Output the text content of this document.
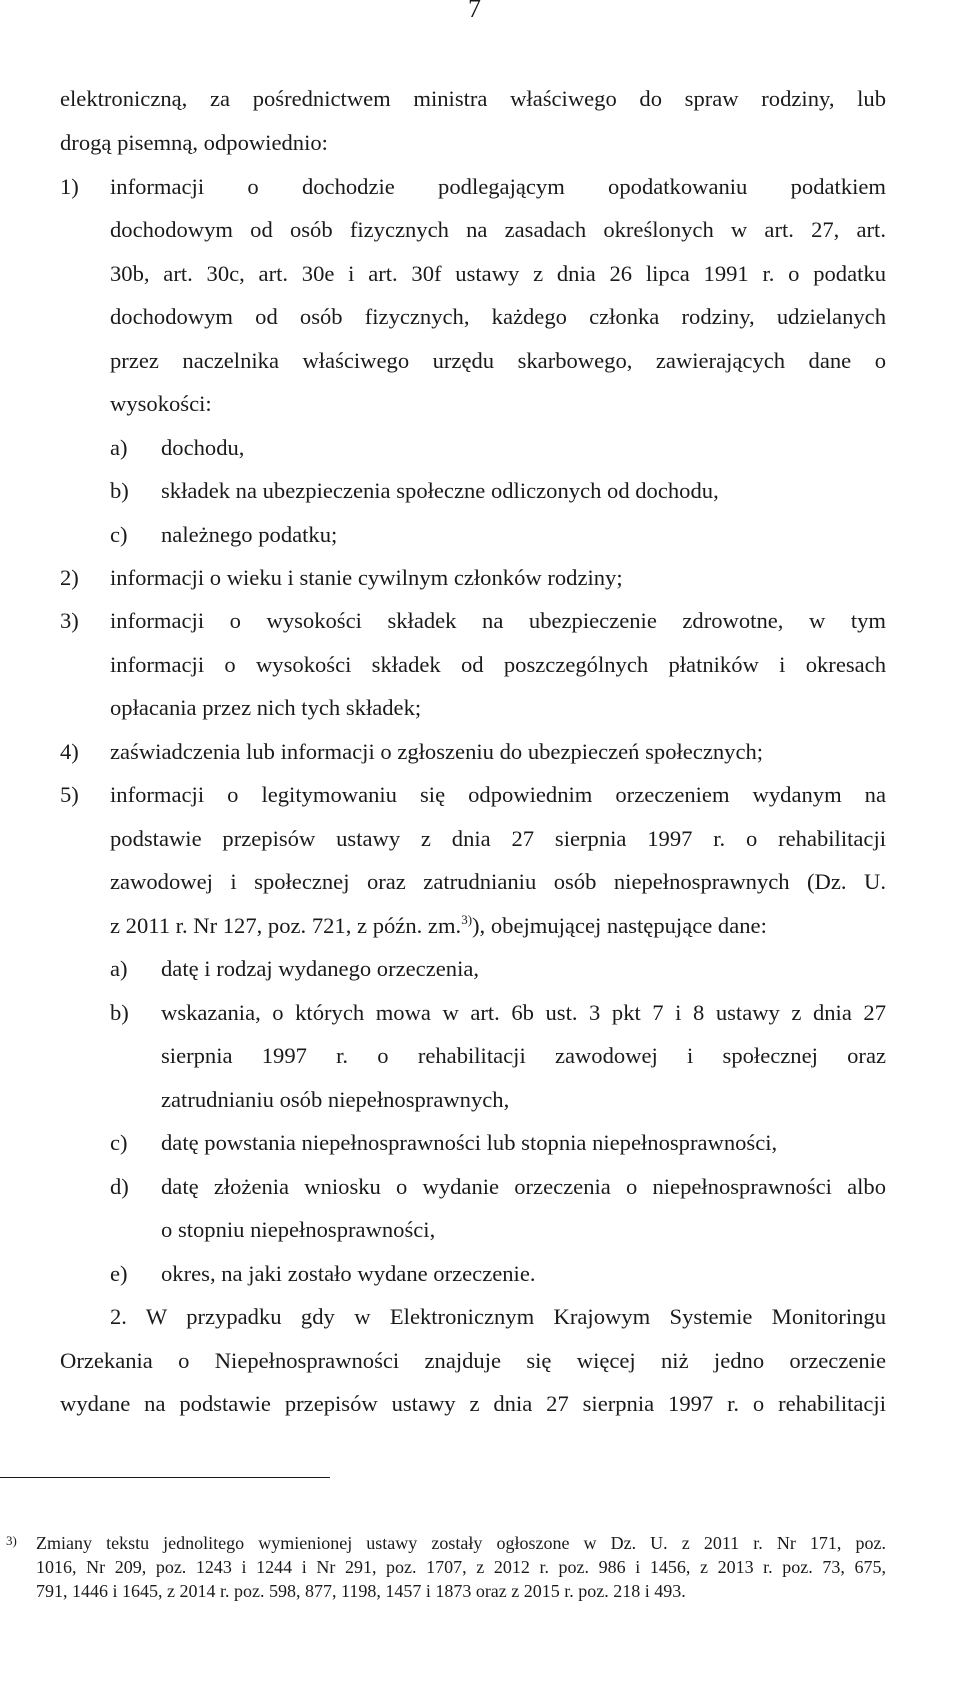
7
elektroniczną, za pośrednictwem ministra właściwego do spraw rodziny, lub
drogą pisemną, odpowiednio:
1) informacji o dochodzie podlegającym opodatkowaniu podatkiem
dochodowym od osób fizycznych na zasadach określonych w art. 27, art.
30b, art. 30c, art. 30e i art. 30f ustawy z dnia 26 lipca 1991 r. o podatku
dochodowym od osób fizycznych, każdego członka rodziny, udzielanych
przez naczelnika właściwego urzędu skarbowego, zawierających dane o
wysokości:
a) dochodu,
b) składek na ubezpieczenia społeczne odliczonych od dochodu,
c) należnego podatku;
2) informacji o wieku i stanie cywilnym członków rodziny;
3) informacji o wysokości składek na ubezpieczenie zdrowotne, w tym
informacji o wysokości składek od poszczególnych płatników i okresach
opłacania przez nich tych składek;
4) zaświadczenia lub informacji o zgłoszeniu do ubezpieczeń społecznych;
5) informacji o legitymowaniu się odpowiednim orzeczeniem wydanym na
podstawie przepisów ustawy z dnia 27 sierpnia 1997 r. o rehabilitacji
zawodowej i społecznej oraz zatrudnianiu osób niepełnosprawnych (Dz. U.
z 2011 r. Nr 127, poz. 721, z późn. zm.$^{3)}$), obejmującej następujące dane:
a) datę i rodzaj wydanego orzeczenia,
b) wskazania, o których mowa w art. 6b ust. 3 pkt 7 i 8 ustawy z dnia 27
sierpnia 1997 r. o rehabilitacji zawodowej i społecznej oraz
zatrudnianiu osób niepełnosprawnych,
c) datę powstania niepełnosprawności lub stopnia niepełnosprawności,
d) datę złożenia wniosku o wydanie orzeczenia o niepełnosprawności albo
o stopniu niepełnosprawności,
e) okres, na jaki zostało wydane orzeczenie.
2. W przypadku gdy w Elektronicznym Krajowym Systemie Monitoringu
Orzekania o Niepełnosprawności znajduje się więcej niż jedno orzeczenie
wydane na podstawie przepisów ustawy z dnia 27 sierpnia 1997 r. o rehabilitacji
3) Zmiany tekstu jednolitego wymienionej ustawy zostały ogłoszone w Dz. U. z 2011 r. Nr 171, poz.
1016, Nr 209, poz. 1243 i 1244 i Nr 291, poz. 1707, z 2012 r. poz. 986 i 1456, z 2013 r. poz. 73, 675,
791, 1446 i 1645, z 2014 r. poz. 598, 877, 1198, 1457 i 1873 oraz z 2015 r. poz. 218 i 493.
